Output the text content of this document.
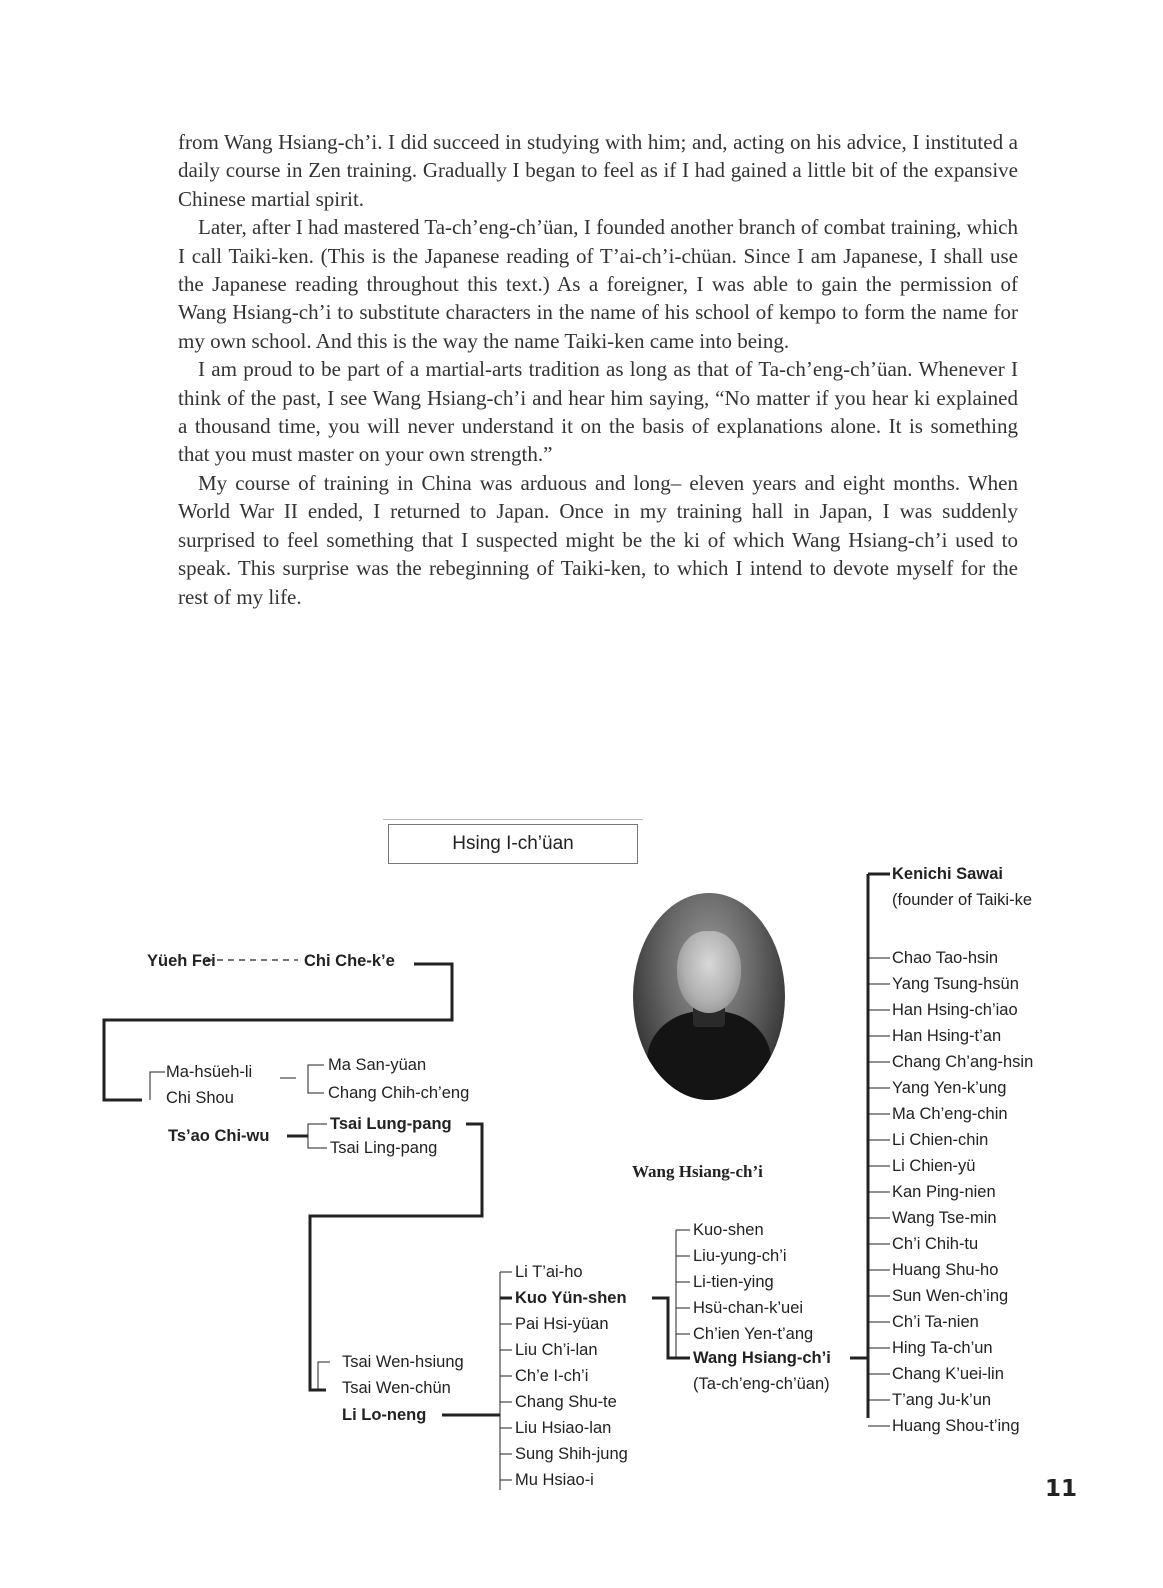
from Wang Hsiang-ch’i. I did succeed in studying with him; and, acting on his advice, I instituted a daily course in Zen training. Gradually I began to feel as if I had gained a little bit of the expansive Chinese martial spirit.

Later, after I had mastered Ta-ch’eng-ch’üan, I founded another branch of combat training, which I call Taiki-ken. (This is the Japanese reading of T’ai-ch’i-chüan. Since I am Japanese, I shall use the Japanese reading throughout this text.) As a foreigner, I was able to gain the permission of Wang Hsiang-ch’i to substitute characters in the name of his school of kempo to form the name for my own school. And this is the way the name Taiki-ken came into being.

I am proud to be part of a martial-arts tradition as long as that of Ta-ch’eng-ch’üan. Whenever I think of the past, I see Wang Hsiang-ch’i and hear him saying, “No matter if you hear ki explained a thousand time, you will never understand it on the basis of explanations alone. It is something that you must master on your own strength.”

My course of training in China was arduous and long– eleven years and eight months. When World War II ended, I returned to Japan. Once in my training hall in Japan, I was suddenly surprised to feel something that I suspected might be the ki of which Wang Hsiang-ch’i used to speak. This surprise was the rebeginning of Taiki-ken, to which I intend to devote myself for the rest of my life.

Hsing I-ch’üan
Yüeh Fei	Chi Che-k’e
Ma-hsüeh-li
Chi Shou
Ts’ao Chi-wu
Ma San-yüan
Chang Chih-ch’eng
Tsai Lung-pang
Tsai Ling-pang
Tsai Wen-hsiung
Tsai Wen-chün
Li Lo-neng
Li T’ai-ho
Kuo Yün-shen
Pai Hsi-yüan
Liu Ch’i-lan
Ch’e I-ch’i
Chang Shu-te
Liu Hsiao-lan
Sung Shih-jung
Mu Hsiao-i
Wang Hsiang-ch’i
Kuo-shen
Liu-yung-ch’i
Li-tien-ying
Hsü-chan-k’uei
Ch’ien Yen-t’ang
Wang Hsiang-ch’i
(Ta-ch’eng-ch’üan)
Kenichi Sawai
(founder of Taiki-ke
Chao Tao-hsin
Yang Tsung-hsün
Han Hsing-ch’iao
Han Hsing-t’an
Chang Ch’ang-hsin
Yang Yen-k’ung
Ma Ch’eng-chin
Li Chien-chin
Li Chien-yü
Kan Ping-nien
Wang Tse-min
Ch’i Chih-tu
Huang Shu-ho
Sun Wen-ch’ing
Ch’i Ta-nien
Hing Ta-ch’un
Chang K’uei-lin
T’ang Ju-k’un
Huang Shou-t’ing
11
